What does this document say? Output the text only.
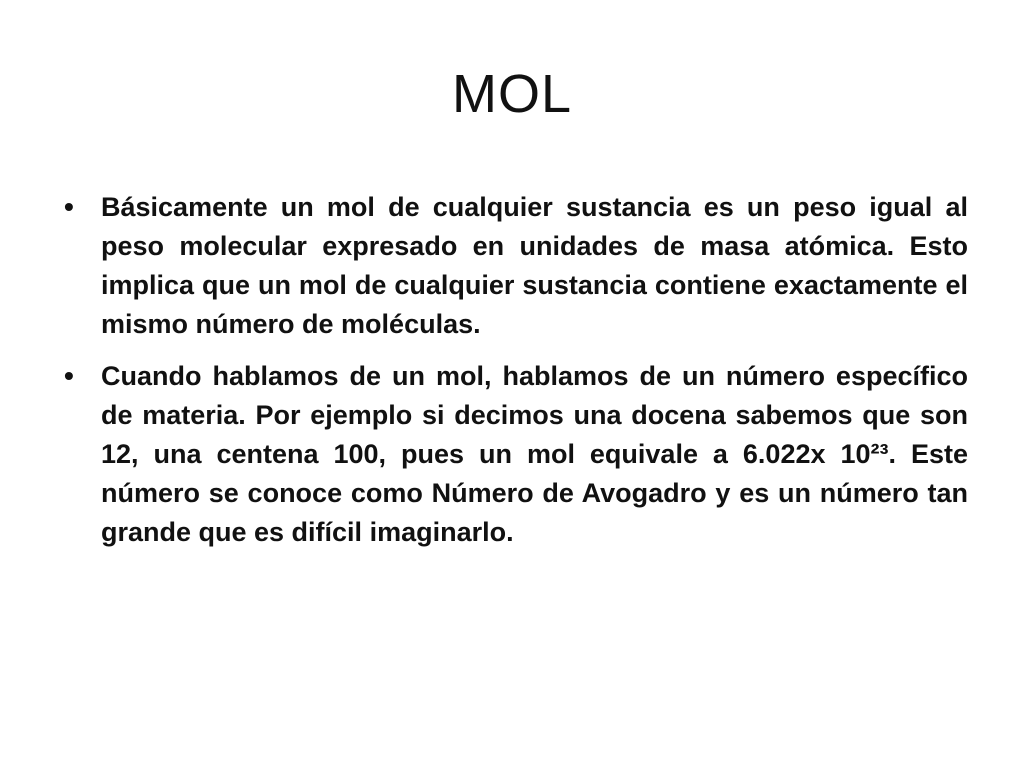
MOL
• Básicamente un mol de cualquier sustancia es un peso igual al peso molecular expresado en unidades de masa atómica. Esto implica que un mol de cualquier sustancia contiene exactamente el mismo número de moléculas.
• Cuando hablamos de un mol, hablamos de un número específico de materia. Por ejemplo si decimos una docena sabemos que son 12, una centena 100, pues un mol equivale a 6.022x 10²³. Este número se conoce como Número de Avogadro y es un número tan grande que es difícil imaginarlo.
